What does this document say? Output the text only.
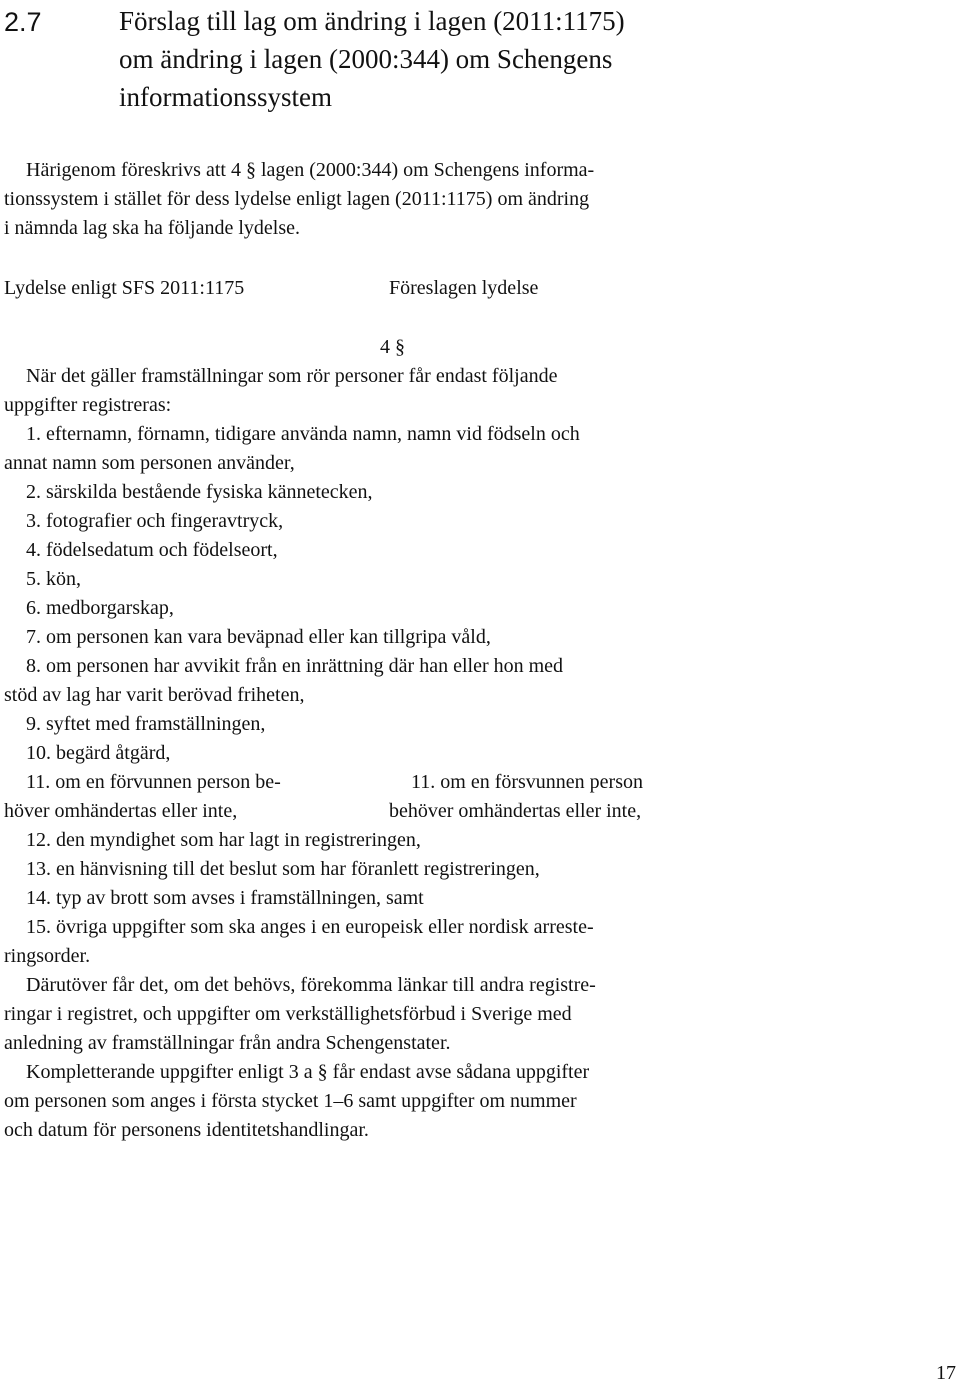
2.7	Förslag till lag om ändring i lagen (2011:1175)
om ändring i lagen (2000:344) om Schengens
informationssystem
Härigenom föreskrivs att 4 § lagen (2000:344) om Schengens informa-
tionssystem i stället för dess lydelse enligt lagen (2011:1175) om ändring
i nämnda lag ska ha följande lydelse.
Lydelse enligt SFS 2011:1175	Föreslagen lydelse
4 §
När det gäller framställningar som rör personer får endast följande
uppgifter registreras:
1. efternamn, förnamn, tidigare använda namn, namn vid födseln och
annat namn som personen använder,
2. särskilda bestående fysiska kännetecken,
3. fotografier och fingeravtryck,
4. födelsedatum och födelseort,
5. kön,
6. medborgarskap,
7. om personen kan vara beväpnad eller kan tillgripa våld,
8. om personen har avvikit från en inrättning där han eller hon med
stöd av lag har varit berövad friheten,
9. syftet med framställningen,
10. begärd åtgärd,
11. om en förvunnen person be-
höver omhändertas eller inte,
11. om en försvunnen person
behöver omhändertas eller inte,
12. den myndighet som har lagt in registreringen,
13. en hänvisning till det beslut som har föranlett registreringen,
14. typ av brott som avses i framställningen, samt
15. övriga uppgifter som ska anges i en europeisk eller nordisk arreste-
ringsorder.
Därutöver får det, om det behövs, förekomma länkar till andra registre-
ringar i registret, och uppgifter om verkställighetsförbud i Sverige med
anledning av framställningar från andra Schengenstater.
Kompletterande uppgifter enligt 3 a § får endast avse sådana uppgifter
om personen som anges i första stycket 1–6 samt uppgifter om nummer
och datum för personens identitetshandlingar.
17
